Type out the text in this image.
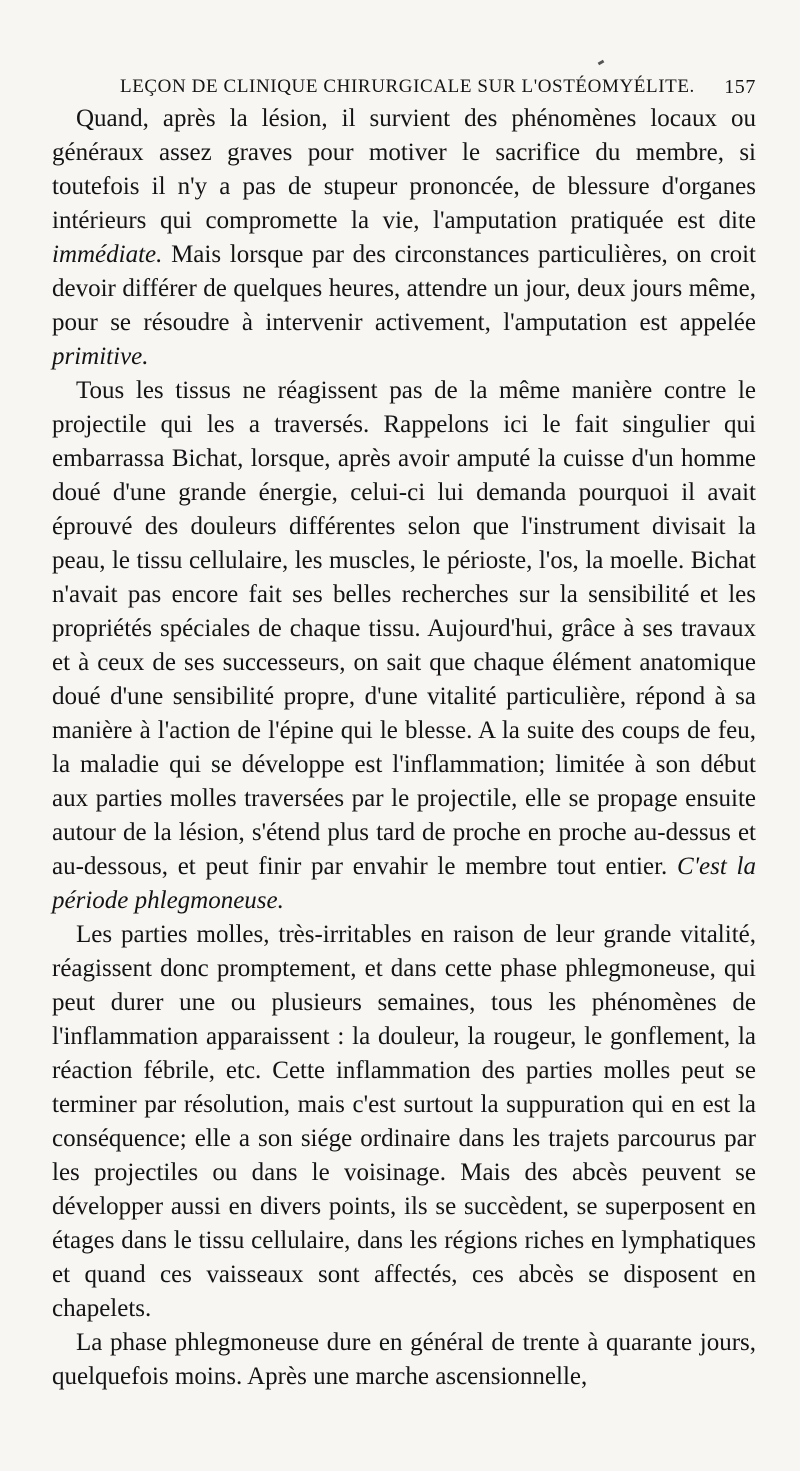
LEÇON DE CLINIQUE CHIRURGICALE SUR L'OSTÉOMYÉLITE. 157

Quand, après la lésion, il survient des phénomènes locaux ou généraux assez graves pour motiver le sacrifice du membre, si toutefois il n'y a pas de stupeur prononcée, de blessure d'organes intérieurs qui compromette la vie, l'amputation pratiquée est dite immédiate. Mais lorsque par des circonstances particulières, on croit devoir différer de quelques heures, attendre un jour, deux jours même, pour se résoudre à intervenir activement, l'amputation est appelée primitive.

Tous les tissus ne réagissent pas de la même manière contre le projectile qui les a traversés. Rappelons ici le fait singulier qui embarrassa Bichat, lorsque, après avoir amputé la cuisse d'un homme doué d'une grande énergie, celui-ci lui demanda pourquoi il avait éprouvé des douleurs différentes selon que l'instrument divisait la peau, le tissu cellulaire, les muscles, le périoste, l'os, la moelle. Bichat n'avait pas encore fait ses belles recherches sur la sensibilité et les propriétés spéciales de chaque tissu. Aujourd'hui, grâce à ses travaux et à ceux de ses successeurs, on sait que chaque élément anatomique doué d'une sensibilité propre, d'une vitalité particulière, répond à sa manière à l'action de l'épine qui le blesse. A la suite des coups de feu, la maladie qui se développe est l'inflammation; limitée à son début aux parties molles traversées par le projectile, elle se propage ensuite autour de la lésion, s'étend plus tard de proche en proche au-dessus et au-dessous, et peut finir par envahir le membre tout entier. C'est la période phlegmoneuse.

Les parties molles, très-irritables en raison de leur grande vitalité, réagissent donc promptement, et dans cette phase phlegmoneuse, qui peut durer une ou plusieurs semaines, tous les phénomènes de l'inflammation apparaissent : la douleur, la rougeur, le gonflement, la réaction fébrile, etc. Cette inflammation des parties molles peut se terminer par résolution, mais c'est surtout la suppuration qui en est la conséquence; elle a son siége ordinaire dans les trajets parcourus par les projectiles ou dans le voisinage. Mais des abcès peuvent se développer aussi en divers points, ils se succèdent, se superposent en étages dans le tissu cellulaire, dans les régions riches en lymphatiques et quand ces vaisseaux sont affectés, ces abcès se disposent en chapelets.

La phase phlegmoneuse dure en général de trente à quarante jours, quelquefois moins. Après une marche ascensionnelle,
